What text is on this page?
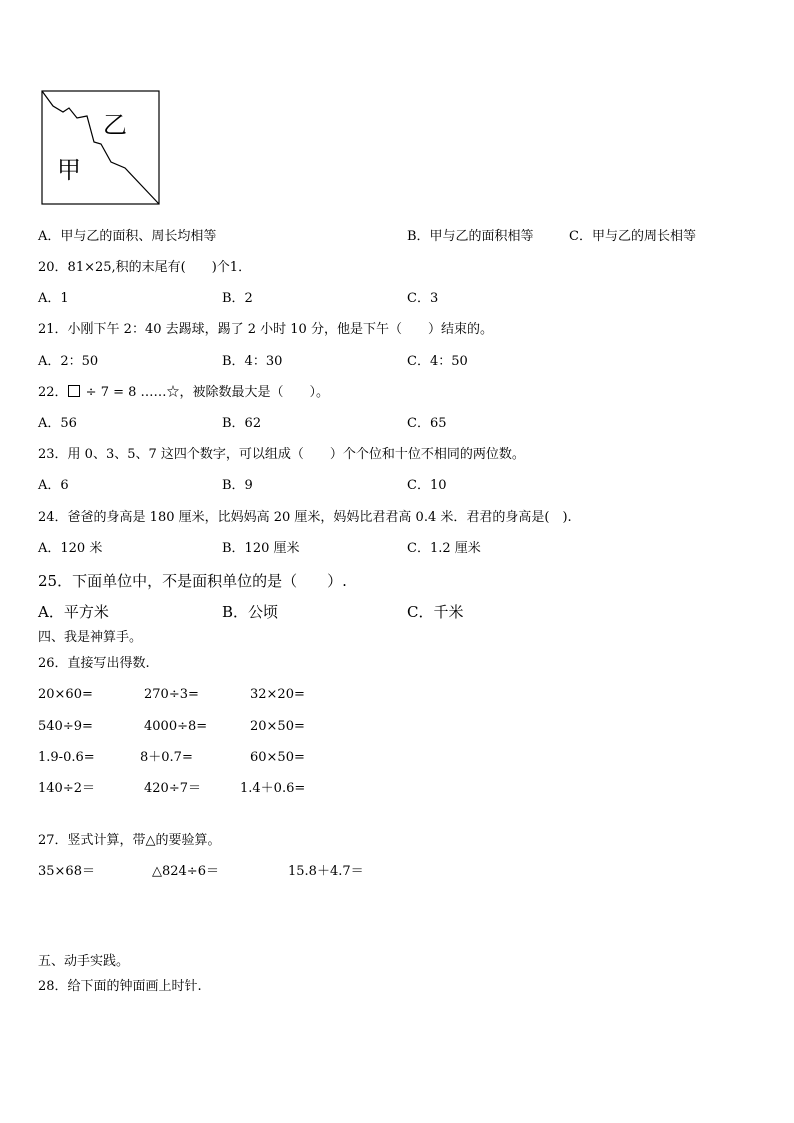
乙
甲
A．甲与乙的面积、周长均相等	B．甲与乙的面积相等	C．甲与乙的周长相等
20．81×25,积的末尾有(　　)个1．
A．1	B．2	C．3
21．小刚下午 2：40 去踢球，踢了 2 小时 10 分，他是下午（　　）结束的。
A．2：50	B．4：30	C．4：50
22． ÷ 7 = 8 ……☆，被除数最大是（　　）。
A．56	B．62	C．65
23．用 0、3、5、7 这四个数字，可以组成（　　）个个位和十位不相同的两位数。
A．6	B．9	C．10
24．爸爸的身高是 180 厘米，比妈妈高 20 厘米，妈妈比君君高 0.4 米．君君的身高是(　).
A．120 米	B．120 厘米	C．1.2 厘米
25．下面单位中，不是面积单位的是（　　）.
A．平方米	B．公顷	C．千米
四、我是神算手。
26．直接写出得数.
20×60=	270÷3=	32×20=
540÷9=	4000÷8=	20×50=
1.9-0.6=	8＋0.7=	60×50=
140÷2＝	420÷7＝	1.4＋0.6=
27．竖式计算，带△的要验算。
35×68＝	△824÷6＝	15.8＋4.7＝
五、动手实践。
28．给下面的钟面画上时针.
